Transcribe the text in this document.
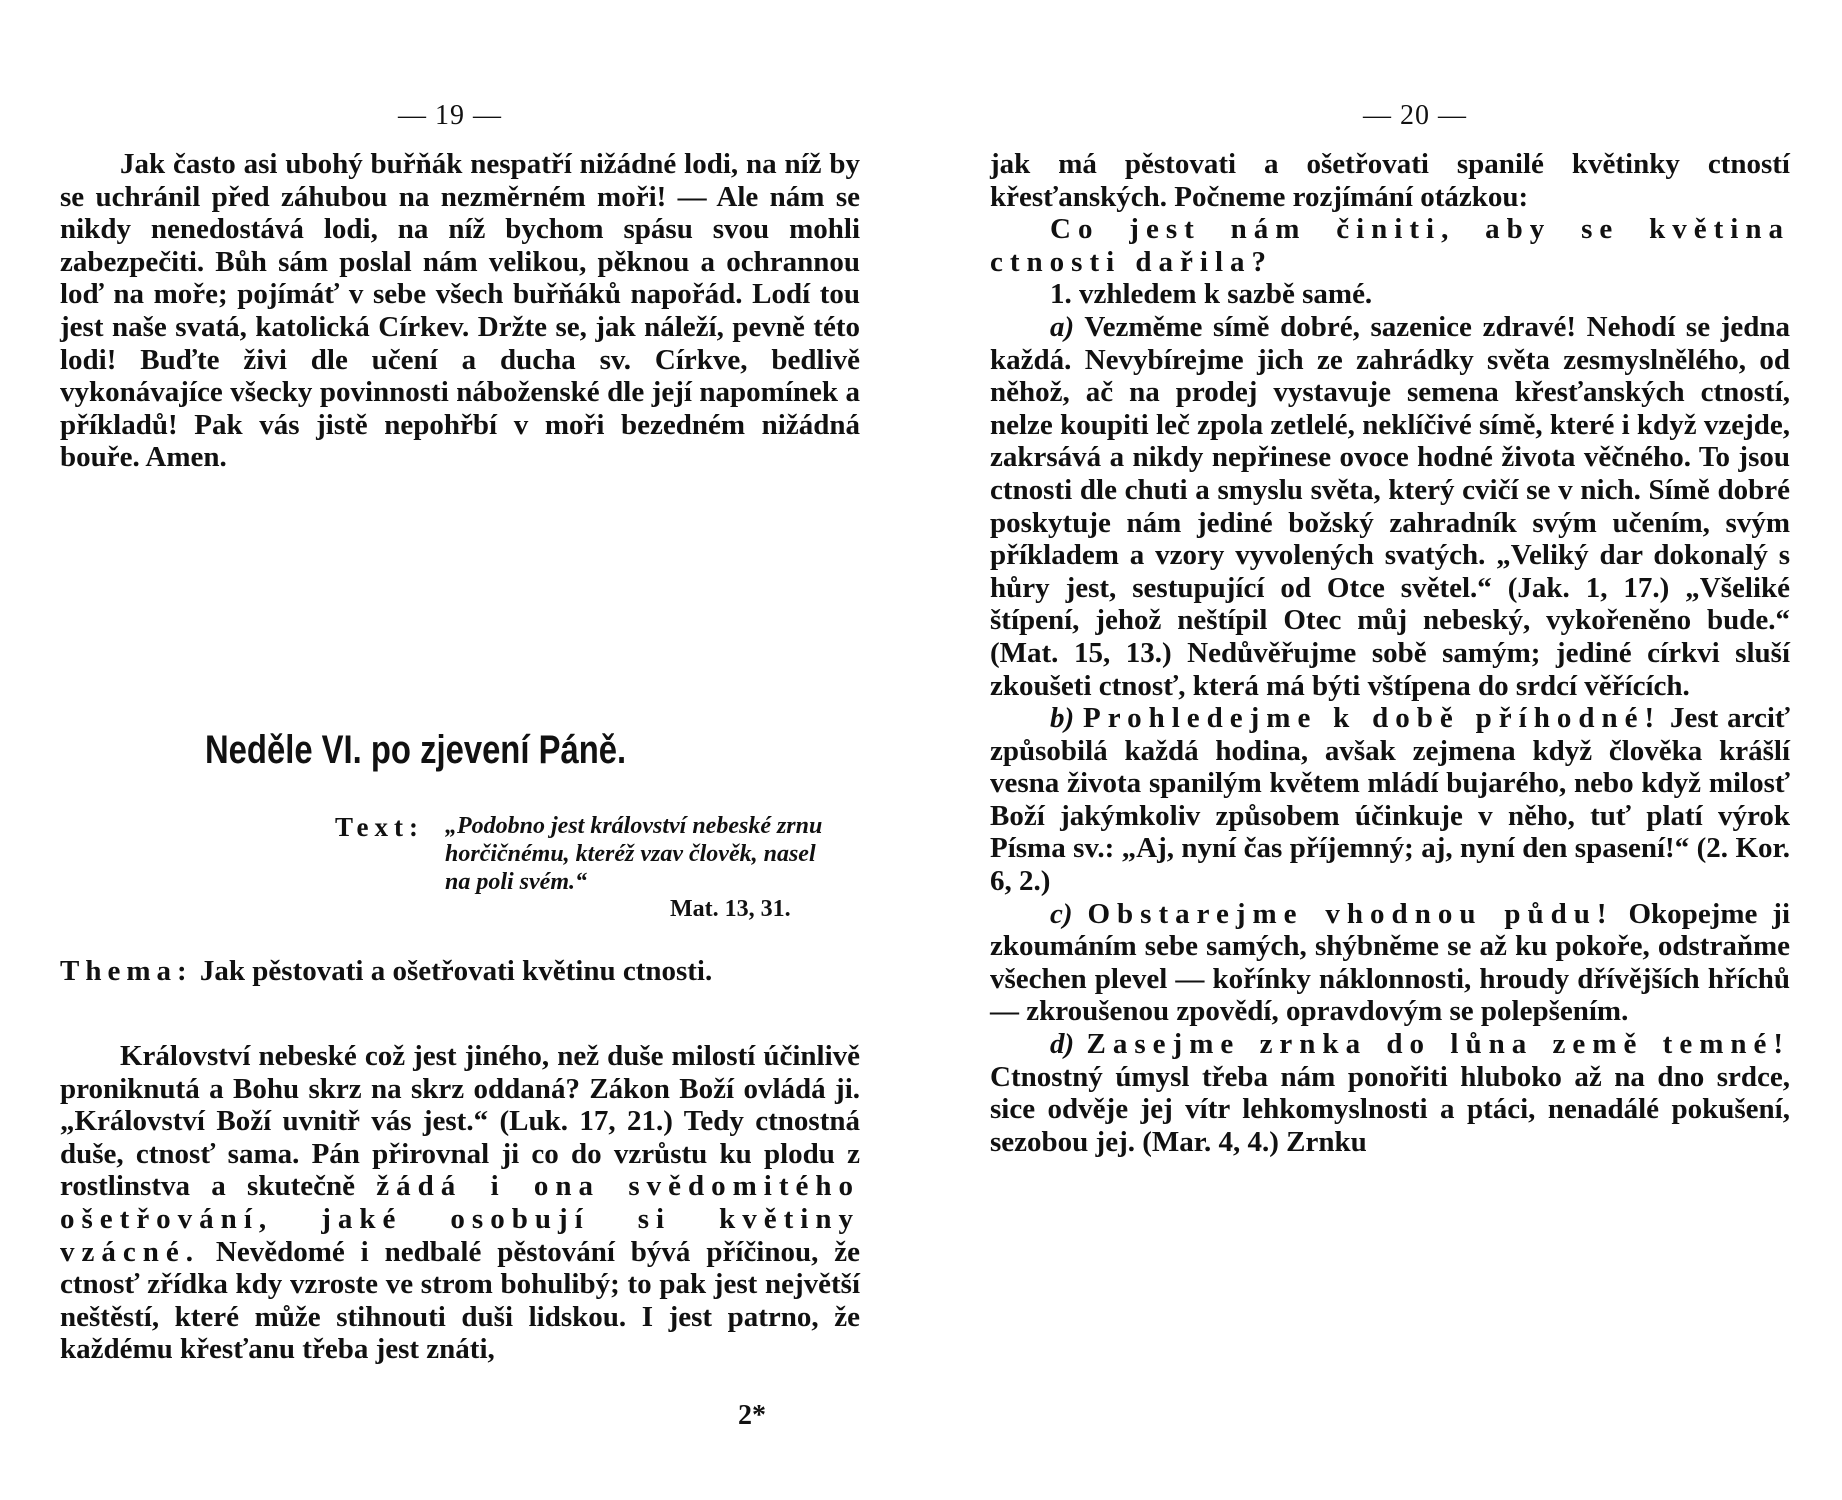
— 19 —

Jak často asi ubohý buřňák nespatří nižádné lodi, na níž by se uchránil před záhubou na nezměrném moři! — Ale nám se nikdy nenedostává lodi, na níž bychom spásu svou mohli zabezpečiti. Bůh sám poslal nám velikou, pěknou a ochrannou loď na moře; pojímáť v sebe všech buřňáků napořád. Lodí tou jest naše svatá, katolická Církev. Držte se, jak náleží, pevně této lodi! Buďte živi dle učení a ducha sv. Církve, bedlivě vykonávajíce všecky povinnosti náboženské dle její napomínek a příkladů! Pak vás jistě nepohřbí v moři bezedném nižádná bouře. Amen.

Neděle VI. po zjevení Páně.
Text: „Podobno jest království nebeské zrnu horčičnému, kteréž vzav člověk, nasel na poli svém.“
Mat. 13, 31.
Thema: Jak pěstovati a ošetřovati květinu ctnosti.

Království nebeské což jest jiného, než duše milostí účinlivě proniknutá a Bohu skrz na skrz oddaná? Zákon Boží ovládá ji. „Království Boží uvnitř vás jest.“ (Luk. 17, 21.) Tedy ctnostná duše, ctnosť sama. Pán přirovnal ji co do vzrůstu ku plodu z rostlinstva a skutečně žádá i ona svědomitého ošetřování, jaké osobují si květiny vzácné. Nevědomé i nedbalé pěstování bývá příčinou, že ctnosť zřídka kdy vzroste ve strom bohulibý; to pak jest největší neštěstí, které může stihnouti duši lidskou. I jest patrno, že každému křesťanu třeba jest znáti,

2*
— 20 —

jak má pěstovati a ošetřovati spanilé květinky ctností křesťanských. Počneme rozjímání otázkou:

Co jest nám činiti, aby se květina ctnosti dařila?

1. vzhledem k sazbě samé.

a) Vezměme símě dobré, sazenice zdravé! Nehodí se jedna každá. Nevybírejme jich ze zahrádky světa zesmyslnělého, od něhož, ač na prodej vystavuje semena křesťanských ctností, nelze koupiti leč zpola zetlelé, neklíčivé símě, které i když vzejde, zakrsává a nikdy nepřinese ovoce hodné života věčného. To jsou ctnosti dle chuti a smyslu světa, který cvičí se v nich. Símě dobré poskytuje nám jediné božský zahradník svým učením, svým příkladem a vzory vyvolených svatých. „Veliký dar dokonalý s hůry jest, sestupující od Otce světel.“ (Jak. 1, 17.) „Všeliké štípení, jehož neštípil Otec můj nebeský, vykořeněno bude.“ (Mat. 15, 13.) Nedůvěřujme sobě samým; jediné církvi sluší zkoušeti ctnosť, která má býti vštípena do srdcí věřících.

b) Prohledejme k době příhodné! Jest arciť způsobilá každá hodina, avšak zejmena když člověka krášlí vesna života spanilým květem mládí bujarého, nebo když milosť Boží jakýmkoliv způsobem účinkuje v něho, tuť platí výrok Písma sv.: „Aj, nyní čas příjemný; aj, nyní den spasení!“ (2. Kor. 6, 2.)

c) Obstarejme vhodnou půdu! Okopejme ji zkoumáním sebe samých, shýbněme se až ku pokoře, odstraňme všechen plevel — kořínky náklonnosti, hroudy dřívějších hříchů — zkroušenou zpovědí, opravdovým se polepšením.

d) Zasejme zrnka do lůna země temné! Ctnostný úmysl třeba nám ponořiti hluboko až na dno srdce, sice odvěje jej vítr lehkomyslnosti a ptáci, nenadálé pokušení, sezobou jej. (Mar. 4, 4.) Zrnku
